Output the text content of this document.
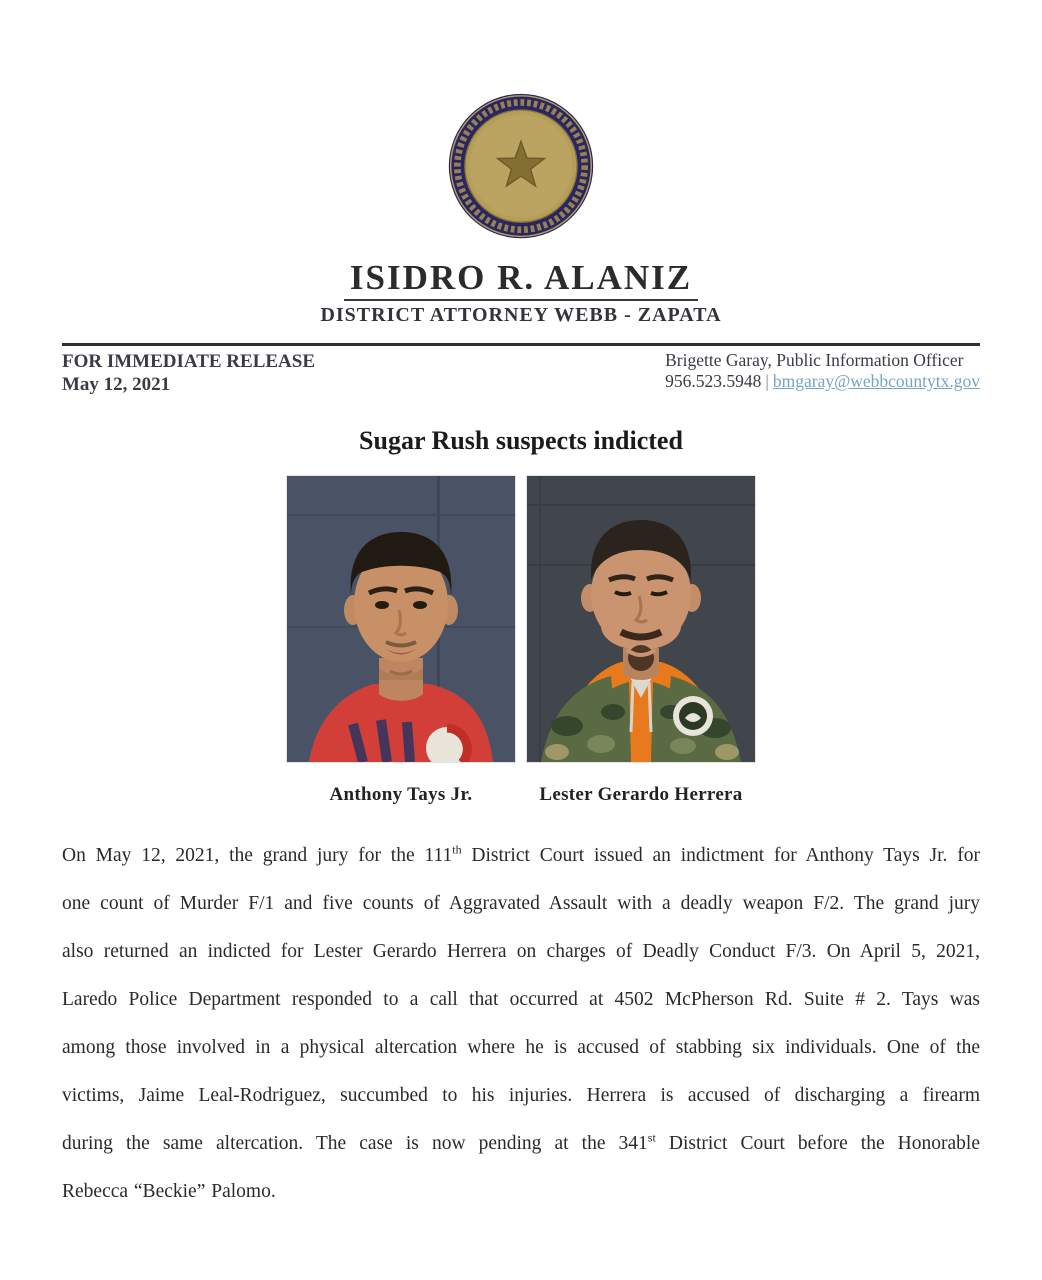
ISIDRO R. ALANIZ
DISTRICT ATTORNEY WEBB - ZAPATA
FOR IMMEDIATE RELEASE
May 12, 2021
Brigette Garay, Public Information Officer
956.523.5948 | bmgaray@webbcountytx.gov
Sugar Rush suspects indicted
Anthony Tays Jr.	Lester Gerardo Herrera
On May 12, 2021, the grand jury for the 111th District Court issued an indictment for Anthony Tays Jr. for
one count of Murder F/1 and five counts of Aggravated Assault with a deadly weapon F/2. The grand jury
also returned an indicted for Lester Gerardo Herrera on charges of Deadly Conduct F/3. On April 5, 2021,
Laredo Police Department responded to a call that occurred at 4502 McPherson Rd. Suite # 2. Tays was
among those involved in a physical altercation where he is accused of stabbing six individuals. One of the
victims, Jaime Leal-Rodriguez, succumbed to his injuries. Herrera is accused of discharging a firearm
during the same altercation. The case is now pending at the 341st District Court before the Honorable
Rebecca “Beckie” Palomo.
